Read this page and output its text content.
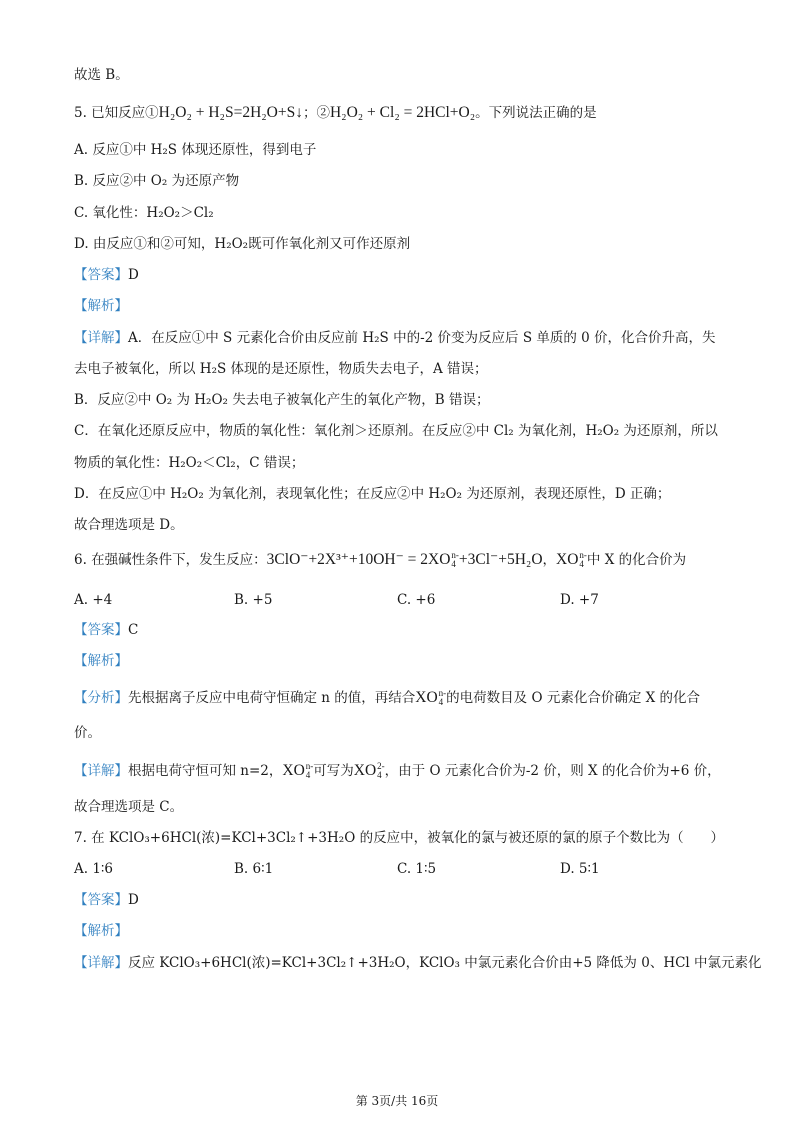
故选 B。
5. 已知反应①H₂O₂ + H₂S=2H₂O+S↓；②H₂O₂ + Cl₂ = 2HCl+O₂。下列说法正确的是
A. 反应①中 H₂S 体现还原性，得到电子
B. 反应②中 O₂ 为还原产物
C. 氧化性：H₂O₂＞Cl₂
D. 由反应①和②可知，H₂O₂既可作氧化剂又可作还原剂
【答案】D
【解析】
【详解】A．在反应①中 S 元素化合价由反应前 H₂S 中的-2 价变为反应后 S 单质的 0 价，化合价升高，失
去电子被氧化，所以 H₂S 体现的是还原性，物质失去电子，A 错误；
B．反应②中 O₂ 为 H₂O₂ 失去电子被氧化产生的氧化产物，B 错误；
C．在氧化还原反应中，物质的氧化性：氧化剂＞还原剂。在反应②中 Cl₂ 为氧化剂，H₂O₂ 为还原剂，所以
物质的氧化性：H₂O₂＜Cl₂，C 错误；
D．在反应①中 H₂O₂ 为氧化剂，表现氧化性；在反应②中 H₂O₂ 为还原剂，表现还原性，D 正确；
故合理选项是 D。
6. 在强碱性条件下，发生反应：3ClO⁻+2X³⁺+10OH⁻ = 2XO n-
4 +3Cl⁻+5H₂O，XO n-
4 中 X 的化合价为
A. +4	B. +5	C. +6	D. +7
【答案】C
【解析】
【分析】先根据离子反应中电荷守恒确定 n 的值，再结合XO n-
4 的电荷数目及 O 元素化合价确定 X 的化合
价。
【详解】根据电荷守恒可知 n=2，XO n-
4 可写为XO 2-
4 ，由于 O 元素化合价为-2 价，则 X 的化合价为+6 价，
故合理选项是 C。
7. 在 KClO₃+6HCl(浓)=KCl+3Cl₂↑+3H₂O 的反应中，被氧化的氯与被还原的氯的原子个数比为（　　）
A. 1∶6	B. 6∶1	C. 1∶5	D. 5∶1
【答案】D
【解析】
【详解】反应 KClO₃+6HCl(浓)=KCl+3Cl₂↑+3H₂O，KClO₃ 中氯元素化合价由+5 降低为 0、HCl 中氯元素化
第 3页/共 16页
